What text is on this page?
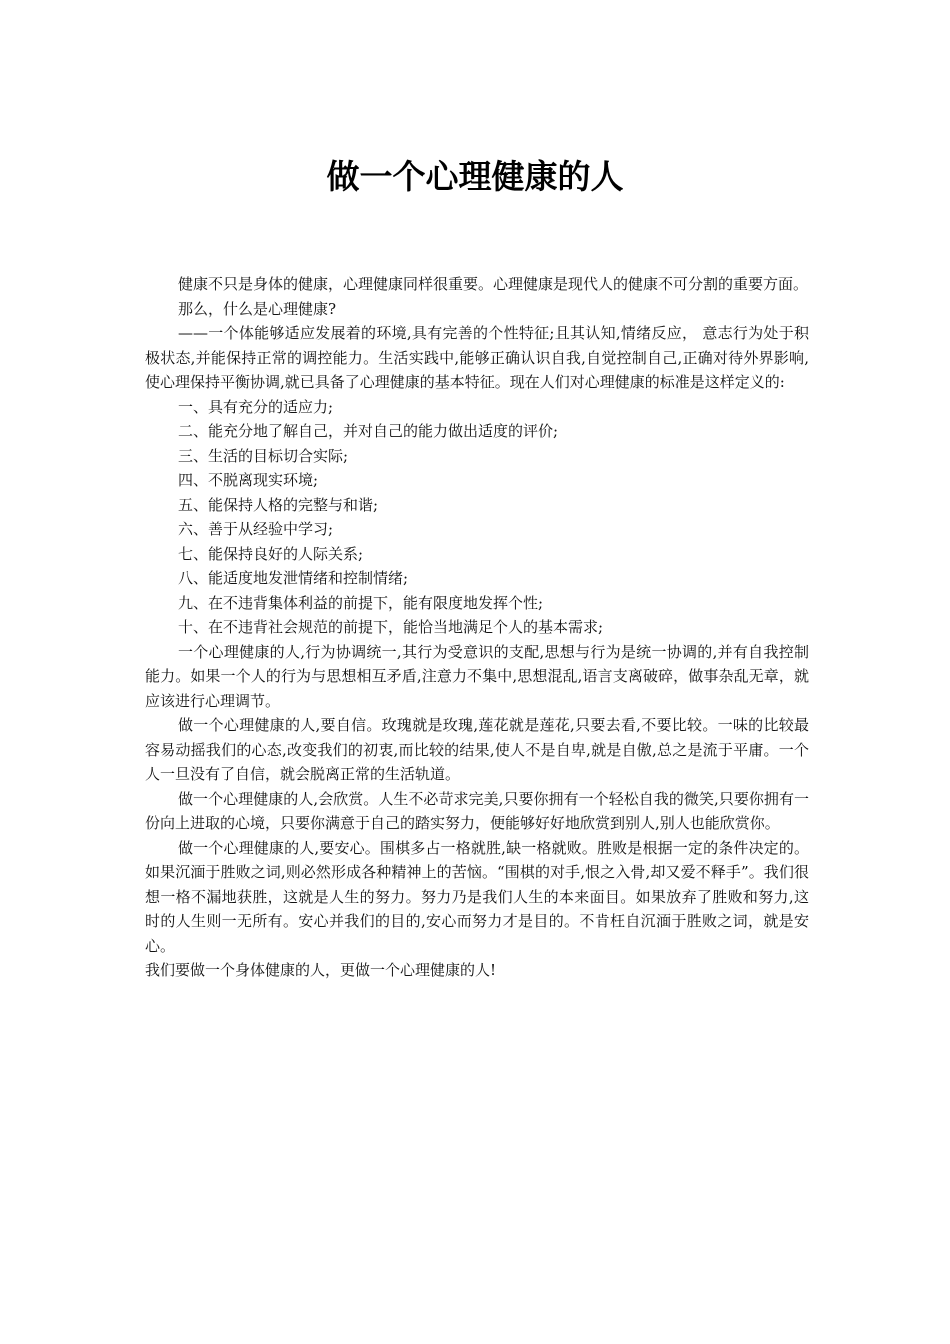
做一个心理健康的人

健康不只是身体的健康，心理健康同样很重要。心理健康是现代人的健康不可分割的重要方面。

那么，什么是心理健康?

——一个体能够适应发展着的环境,具有完善的个性特征;且其认知,情绪反应， 意志行为处于积极状态,并能保持正常的调控能力。生活实践中,能够正确认识自我,自觉控制自己,正确对待外界影响,使心理保持平衡协调,就已具备了心理健康的基本特征。现在人们对心理健康的标准是这样定义的:

一、具有充分的适应力;

二、能充分地了解自己，并对自己的能力做出适度的评价;

三、生活的目标切合实际;

四、不脱离现实环境;

五、能保持人格的完整与和谐;

六、善于从经验中学习;

七、能保持良好的人际关系;

八、能适度地发泄情绪和控制情绪;

九、在不违背集体利益的前提下，能有限度地发挥个性;

十、在不违背社会规范的前提下，能恰当地满足个人的基本需求;

一个心理健康的人,行为协调统一,其行为受意识的支配,思想与行为是统一协调的,并有自我控制能力。如果一个人的行为与思想相互矛盾,注意力不集中,思想混乱,语言支离破碎，做事杂乱无章，就应该进行心理调节。

做一个心理健康的人,要自信。玫瑰就是玫瑰,莲花就是莲花,只要去看,不要比较。一味的比较最容易动摇我们的心态,改变我们的初衷,而比较的结果,使人不是自卑,就是自傲,总之是流于平庸。一个人一旦没有了自信，就会脱离正常的生活轨道。

做一个心理健康的人,会欣赏。人生不必苛求完美,只要你拥有一个轻松自我的微笑,只要你拥有一份向上进取的心境，只要你满意于自己的踏实努力，便能够好好地欣赏到别人,别人也能欣赏你。

做一个心理健康的人,要安心。围棋多占一格就胜,缺一格就败。胜败是根据一定的条件决定的。如果沉湎于胜败之词,则必然形成各种精神上的苦恼。“围棋的对手,恨之入骨,却又爱不释手”。我们很想一格不漏地获胜，这就是人生的努力。努力乃是我们人生的本来面目。如果放弃了胜败和努力,这时的人生则一无所有。安心并我们的目的,安心而努力才是目的。不肯枉自沉湎于胜败之词，就是安心。

我们要做一个身体健康的人，更做一个心理健康的人!
